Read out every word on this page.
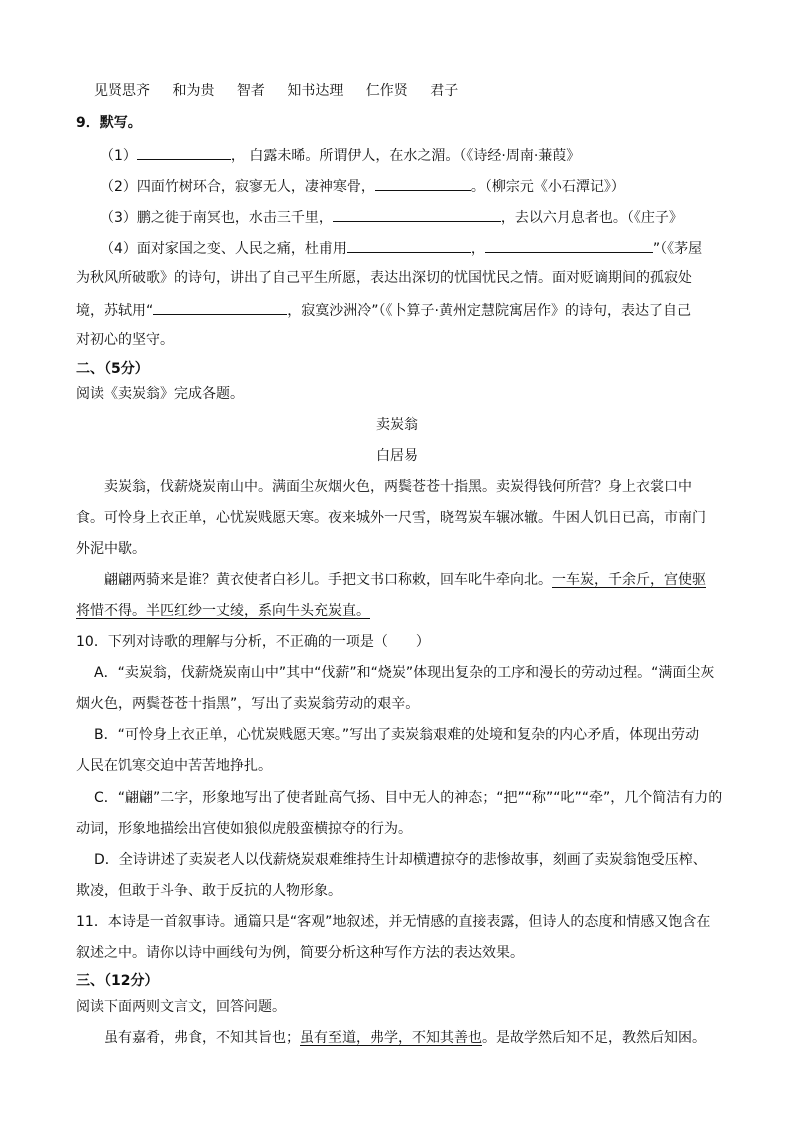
见贤思齐 和为贵 智者 知书达理 仁作贤 君子
9．默写。
（1）	， 白露未晞。所谓伊人，在水之湄。（《诗经·周南·蒹葭》
（2）四面竹树环合，寂寥无人，凄神寒骨，	。（柳宗元《小石潭记》）
（3）鹏之徙于南冥也，水击三千里，	，去以六月息者也。（《庄子》
（4）面对家国之变、人民之痛，杜甫用	，	”（《茅屋
为秋风所破歌》的诗句，讲出了自己平生所愿，表达出深切的忧国忧民之情。面对贬谪期间的孤寂处
境，苏轼用“	，寂寞沙洲冷”（《卜算子·黄州定慧院寓居作》的诗句，表达了自己
对初心的坚守。
二、（5分）
阅读《卖炭翁》完成各题。
卖炭翁
白居易
卖炭翁，伐薪烧炭南山中。满面尘灰烟火色，两鬓苍苍十指黑。卖炭得钱何所营？身上衣裳口中
食。可怜身上衣正单，心忧炭贱愿天寒。夜来城外一尺雪，晓驾炭车辗冰辙。牛困人饥日已高，市南门
外泥中歇。
翩翩两骑来是谁？黄衣使者白衫儿。手把文书口称敕，回车叱牛牵向北。一车炭，千余斤，宫使驱
将惜不得。半匹红纱一丈绫，系向牛头充炭直。
10．下列对诗歌的理解与分析，不正确的一项是（　　）
A．“卖炭翁，伐薪烧炭南山中”其中“伐薪”和“烧炭”体现出复杂的工序和漫长的劳动过程。“满面尘灰
烟火色，两鬓苍苍十指黑”，写出了卖炭翁劳动的艰辛。
B．“可怜身上衣正单，心忧炭贱愿天寒。”写出了卖炭翁艰难的处境和复杂的内心矛盾，体现出劳动
人民在饥寒交迫中苦苦地挣扎。
C．“翩翩”二字，形象地写出了使者趾高气扬、目中无人的神态；“把”“称”“叱”“牵”，几个简洁有力的
动词，形象地描绘出宫使如狼似虎般蛮横掠夺的行为。
D．全诗讲述了卖炭老人以伐薪烧炭艰难维持生计却横遭掠夺的悲惨故事，刻画了卖炭翁饱受压榨、
欺凌，但敢于斗争、敢于反抗的人物形象。
11．本诗是一首叙事诗。通篇只是“客观”地叙述，并无情感的直接表露，但诗人的态度和情感又饱含在
叙述之中。请你以诗中画线句为例，简要分析这种写作方法的表达效果。
三、（12分）
阅读下面两则文言文，回答问题。
虽有嘉肴，弗食，不知其旨也；虽有至道，弗学，不知其善也。是故学然后知不足，教然后知困。
